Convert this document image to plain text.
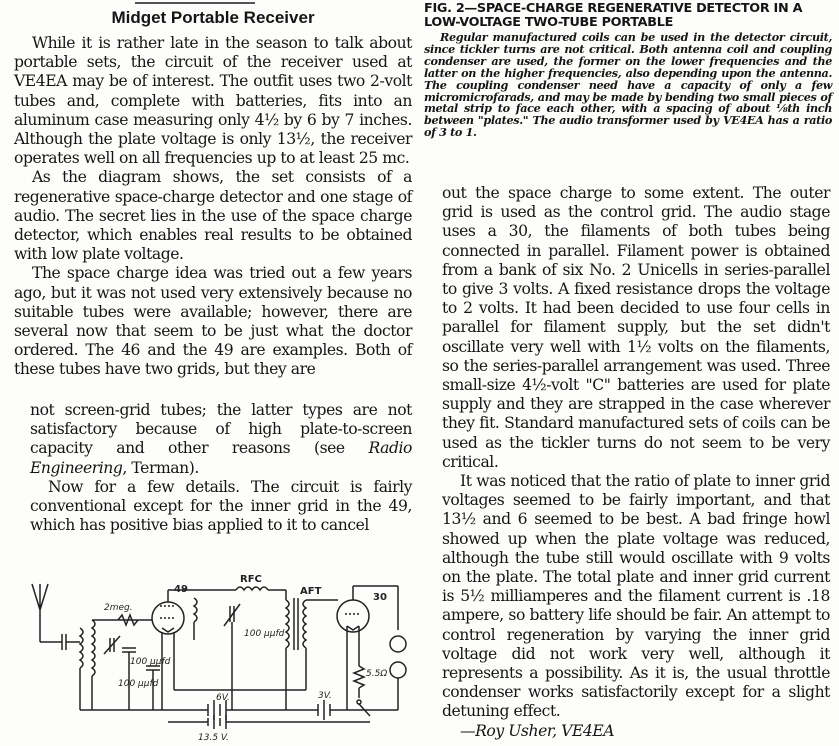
Midget Portable Receiver

While it is rather late in the season to talk about portable sets, the circuit of the receiver used at VE4EA may be of interest. The outfit uses two 2-volt tubes and, complete with batteries, fits into an aluminum case measuring only 4½ by 6 by 7 inches. Although the plate voltage is only 13½, the receiver operates well on all frequencies up to at least 25 mc.

As the diagram shows, the set consists of a regenerative space-charge detector and one stage of audio. The secret lies in the use of the space charge detector, which enables real results to be obtained with low plate voltage.

The space charge idea was tried out a few years ago, but it was not used very extensively because no suitable tubes were available; however, there are several now that seem to be just what the doctor ordered. The 46 and the 49 are examples. Both of these tubes have two grids, but they are

not screen-grid tubes; the latter types are not satisfactory because of high plate-to-screen capacity and other reasons (see Radio Engineering, Terman).

Now for a few details. The circuit is fairly conventional except for the inner grid in the 49, which has positive bias applied to it to cancel

49
30
RFC
AFT
2meg.
100 μμfd
100 μμfd
100 μμfd
5.5Ω
6V.	3V.
13.5 V.

FIG. 2—SPACE-CHARGE REGENERATIVE DETECTOR IN A LOW-VOLTAGE TWO-TUBE PORTABLE

Regular manufactured coils can be used in the detector circuit, since tickler turns are not critical. Both antenna coil and coupling condenser are used, the former on the lower frequencies and the latter on the higher frequencies, also depending upon the antenna. The coupling condenser need have a capacity of only a few micromicrofarads, and may be made by bending two small pieces of metal strip to face each other, with a spacing of about ⅛th inch between "plates." The audio transformer used by VE4EA has a ratio of 3 to 1.

out the space charge to some extent. The outer grid is used as the control grid. The audio stage uses a 30, the filaments of both tubes being connected in parallel. Filament power is obtained from a bank of six No. 2 Unicells in series-parallel to give 3 volts. A fixed resistance drops the voltage to 2 volts. It had been decided to use four cells in parallel for filament supply, but the set didn't oscillate very well with 1½ volts on the filaments, so the series-parallel arrangement was used. Three small-size 4½-volt "C" batteries are used for plate supply and they are strapped in the case wherever they fit. Standard manufactured sets of coils can be used as the tickler turns do not seem to be very critical.

It was noticed that the ratio of plate to inner grid voltages seemed to be fairly important, and that 13½ and 6 seemed to be best. A bad fringe howl showed up when the plate voltage was reduced, although the tube still would oscillate with 9 volts on the plate. The total plate and inner grid current is 5½ milliamperes and the filament current is .18 ampere, so battery life should be fair. An attempt to control regeneration by varying the inner grid voltage did not work very well, although it represents a possibility. As it is, the usual throttle condenser works satisfactorily except for a slight detuning effect.

—Roy Usher, VE4EA
